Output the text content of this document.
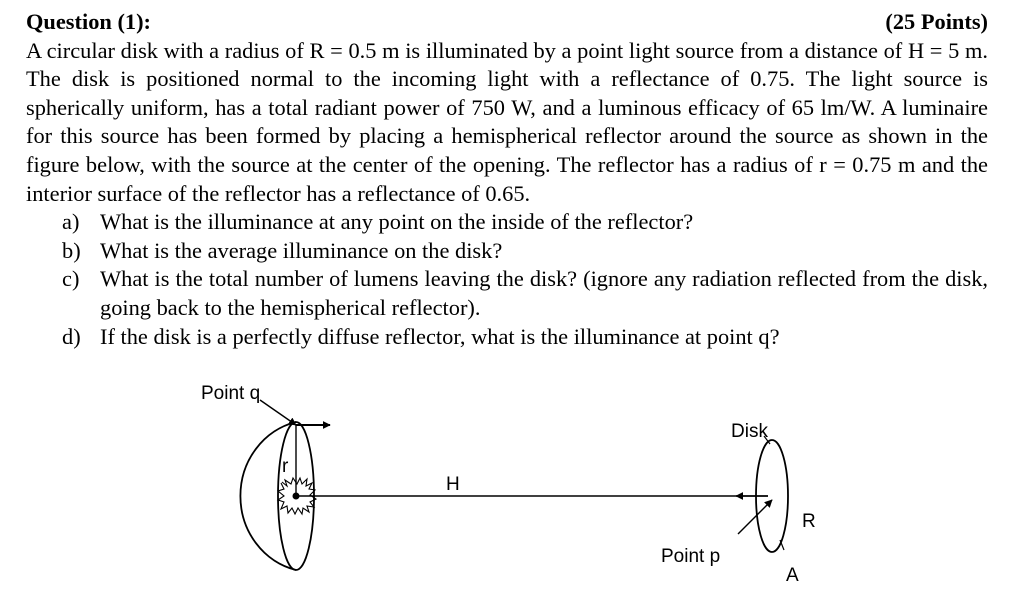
Question (1):	(25 Points)
A circular disk with a radius of R = 0.5 m is illuminated by a point light source from a distance of H = 5 m. The disk is positioned normal to the incoming light with a reflectance of 0.75. The light source is spherically uniform, has a total radiant power of 750 W, and a luminous efficacy of 65 lm/W. A luminaire for this source has been formed by placing a hemispherical reflector around the source as shown in the figure below, with the source at the center of the opening. The reflector has a radius of r = 0.75 m and the interior surface of the reflector has a reflectance of 0.65.
a) What is the illuminance at any point on the inside of the reflector?
b) What is the average illuminance on the disk?
c) What is the total number of lumens leaving the disk? (ignore any radiation reflected from the disk, going back to the hemispherical reflector).
d) If the disk is a perfectly diffuse reflector, what is the illuminance at point q?
Point q
r
H
Disk
R
Point p
A
